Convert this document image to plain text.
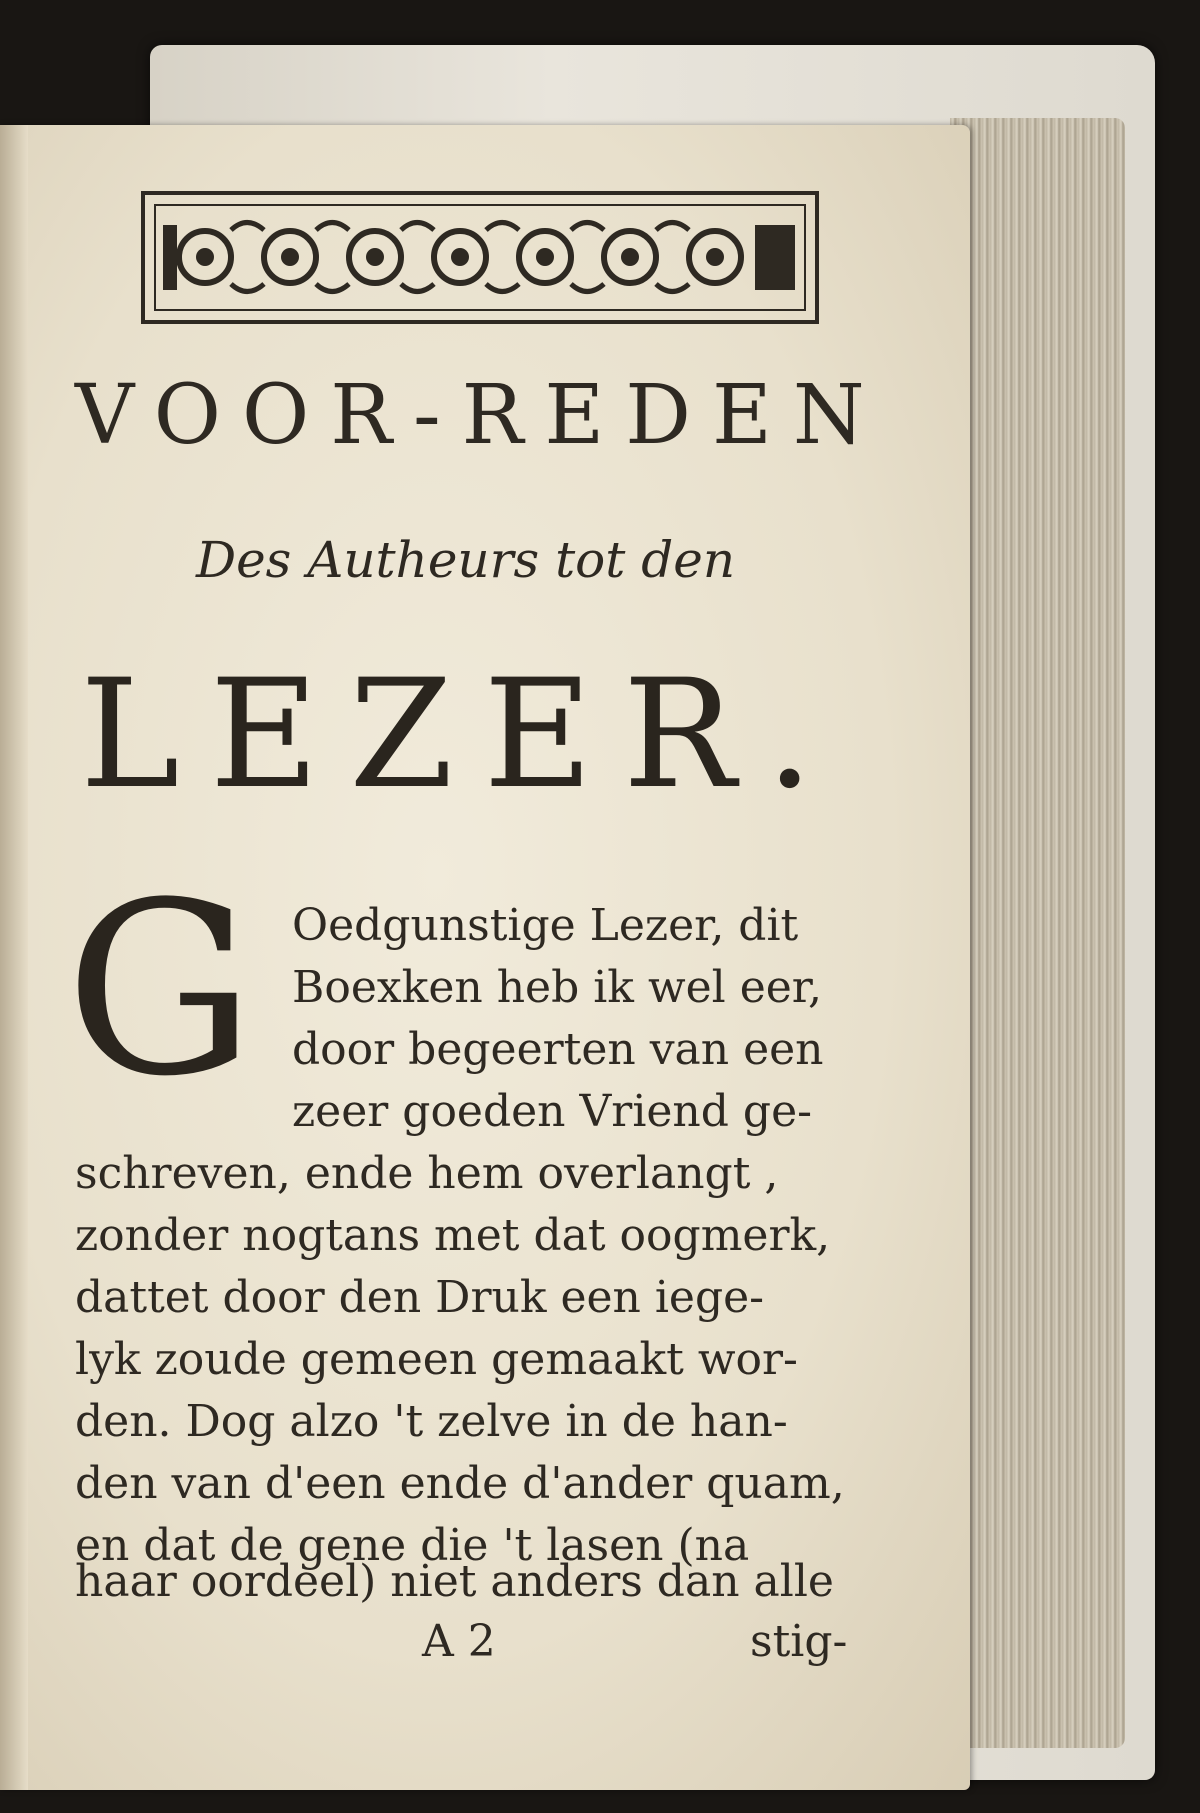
VOOR-REDEN
Des Autheurs tot den
LEZER.
G Oedgunstige Lezer, dit
Boexken heb ik wel eer,
door begeerten van een
zeer goeden Vriend ge-
schreven, ende hem overlangt ,
zonder nogtans met dat oogmerk,
dattet door den Druk een iege-
lyk zoude gemeen gemaakt wor-
den. Dog alzo 't zelve in de han-
den van d'een ende d'ander quam,
en dat de gene die 't lasen (na
haar oordeel) niet anders dan alle
A 2	stig-
